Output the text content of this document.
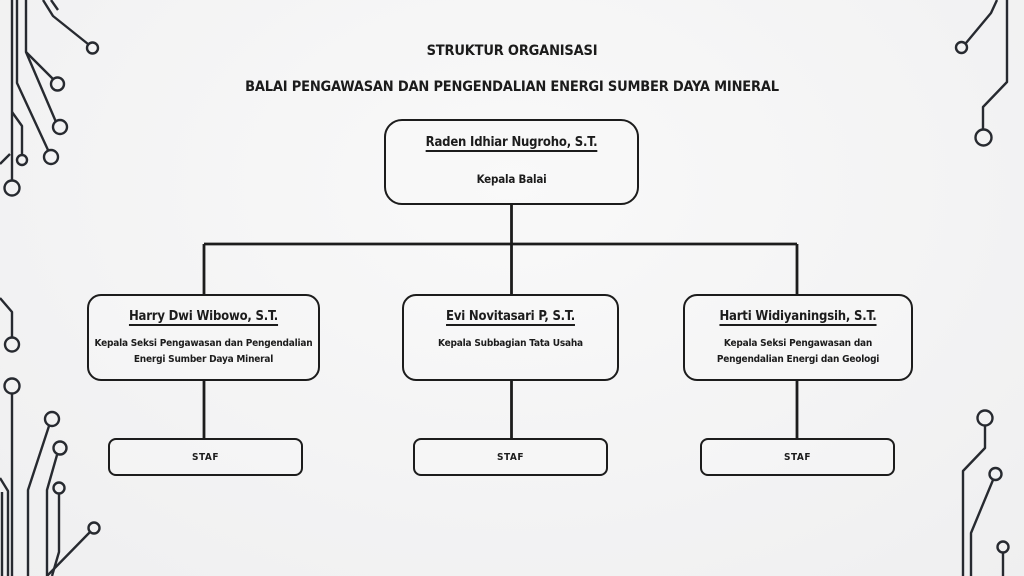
STRUKTUR ORGANISASI
BALAI PENGAWASAN DAN PENGENDALIAN ENERGI SUMBER DAYA MINERAL
Raden Idhiar Nugroho, S.T.
Kepala Balai
Harry Dwi Wibowo, S.T.
Kepala Seksi Pengawasan dan Pengendalian Energi Sumber Daya Mineral
Evi Novitasari P, S.T.
Kepala Subbagian Tata Usaha
Harti Widiyaningsih, S.T.
Kepala Seksi Pengawasan dan Pengendalian Energi dan Geologi
STAF	STAF	STAF
